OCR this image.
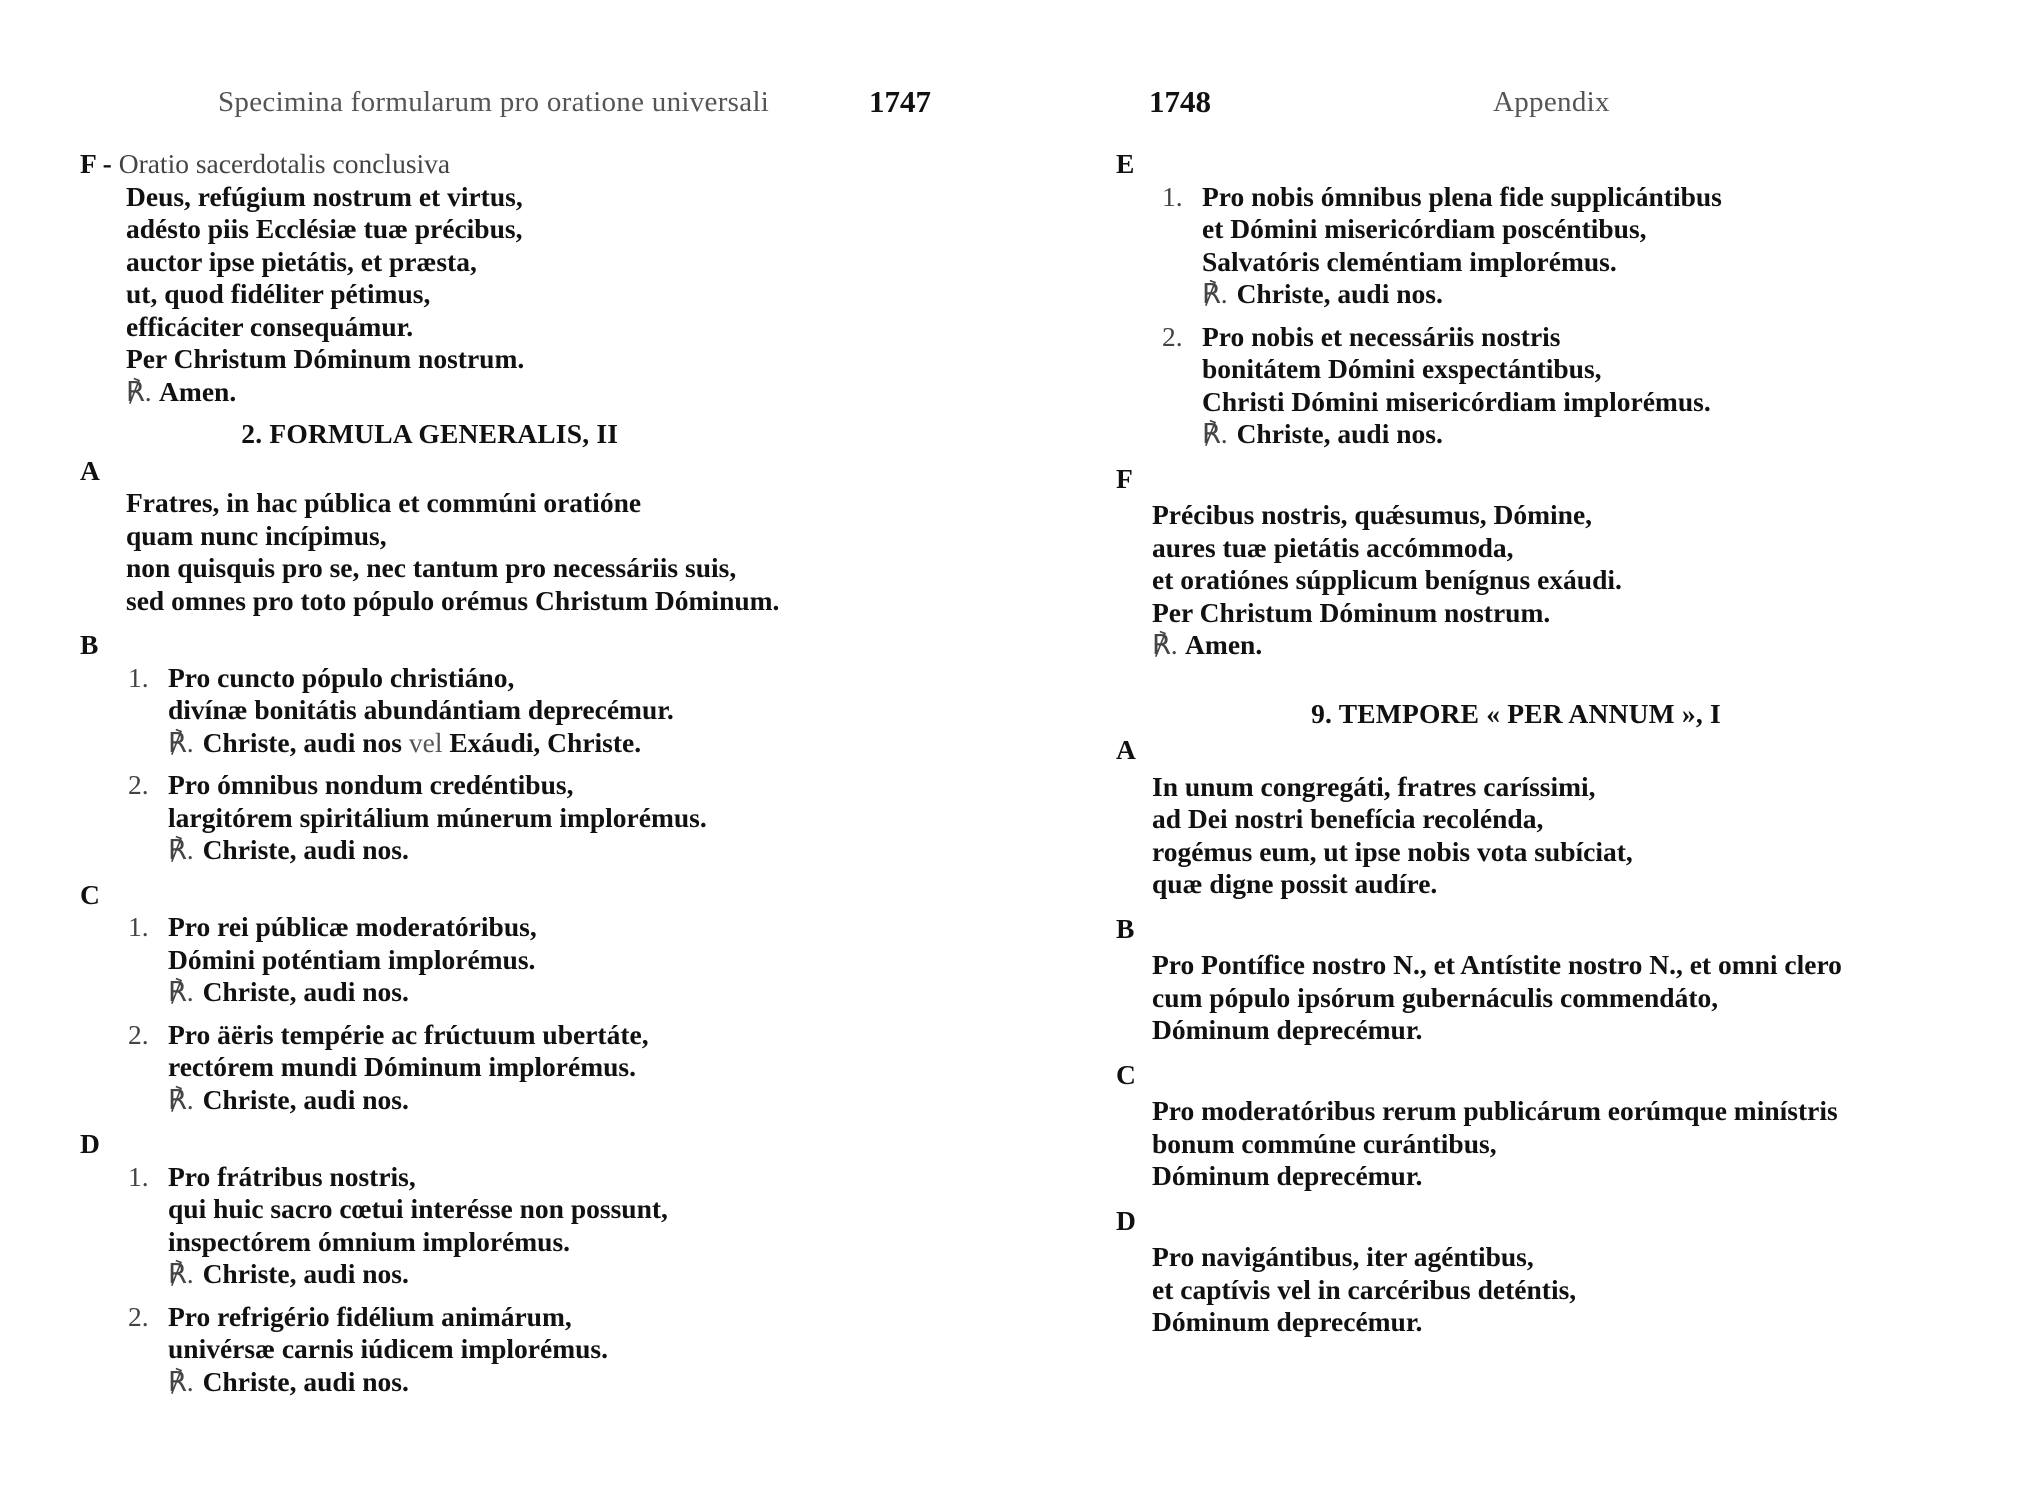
Specimina formularum pro oratione universali	1747
F - Oratio sacerdotalis conclusiva
Deus, refúgium nostrum et virtus,
adésto piis Ecclésiæ tuæ précibus,
auctor ipse pietátis, et præsta,
ut, quod fidéliter pétimus,
efficáciter consequámur.
Per Christum Dóminum nostrum.
℟. Amen.
2. FORMULA GENERALIS, II
A
Fratres, in hac pública et commúni oratióne
quam nunc incípimus,
non quisquis pro se, nec tantum pro necessáriis suis,
sed omnes pro toto pópulo orémus Christum Dóminum.
B
1. Pro cuncto pópulo christiáno,
divínæ bonitátis abundántiam deprecémur.
℟. Christe, audi nos vel Exáudi, Christe.
2. Pro ómnibus nondum credéntibus,
largitórem spiritálium múnerum implorémus.
℟. Christe, audi nos.
C
1. Pro rei públicæ moderatóribus,
Dómini poténtiam implorémus.
℟. Christe, audi nos.
2. Pro äëris tempérie ac frúctuum ubertáte,
rectórem mundi Dóminum implorémus.
℟. Christe, audi nos.
D
1. Pro frátribus nostris,
qui huic sacro cœtui interésse non possunt,
inspectórem ómnium implorémus.
℟. Christe, audi nos.
2. Pro refrigério fidélium animárum,
univérsæ carnis iúdicem implorémus.
℟. Christe, audi nos.
1748	Appendix
E
1. Pro nobis ómnibus plena fide supplicántibus
et Dómini misericórdiam poscéntibus,
Salvatóris cleméntiam implorémus.
℟. Christe, audi nos.
2. Pro nobis et necessáriis nostris
bonitátem Dómini exspectántibus,
Christi Dómini misericórdiam implorémus.
℟. Christe, audi nos.
F
Précibus nostris, quǽsumus, Dómine,
aures tuæ pietátis accómmoda,
et oratiónes súpplicum benígnus exáudi.
Per Christum Dóminum nostrum.
℟. Amen.
9. TEMPORE « PER ANNUM », I
A
In unum congregáti, fratres caríssimi,
ad Dei nostri benefícia recolénda,
rogémus eum, ut ipse nobis vota subíciat,
quæ digne possit audíre.
B
Pro Pontífice nostro N., et Antístite nostro N., et omni clero
cum pópulo ipsórum gubernáculis commendáto,
Dóminum deprecémur.
C
Pro moderatóribus rerum publicárum eorúmque minístris
bonum commúne curántibus,
Dóminum deprecémur.
D
Pro navigántibus, iter agéntibus,
et captívis vel in carcéribus deténtis,
Dóminum deprecémur.
